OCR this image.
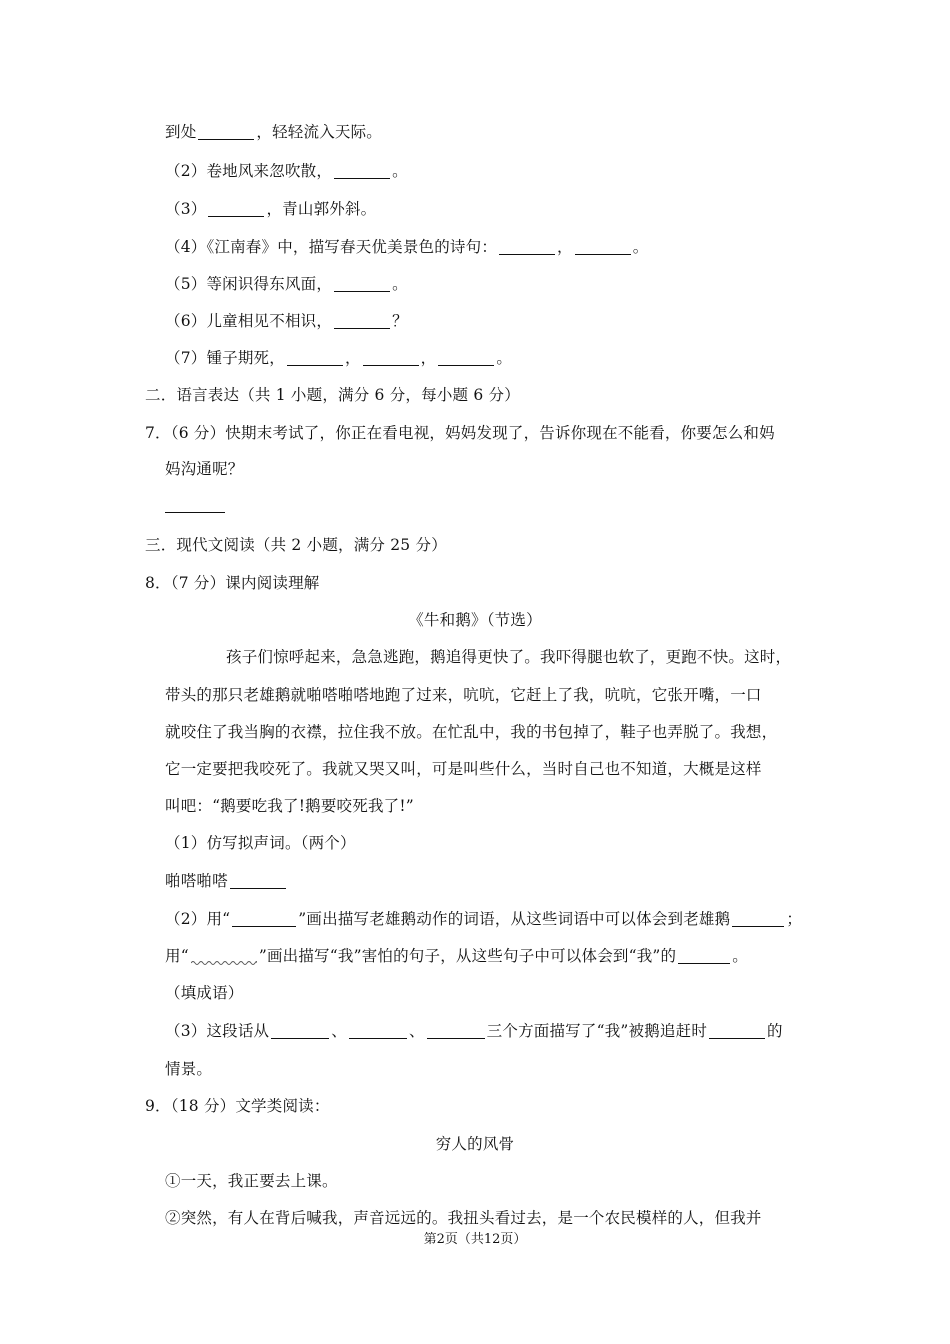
到处	，轻轻流入天际。
（2）卷地风来忽吹散，	。
（3）	，青山郭外斜。
（4）《江南春》中，描写春天优美景色的诗句：	，	。
（5）等闲识得东风面，	。
（6）儿童相见不相识，	？
（7）锺子期死，	，	，	。
二．语言表达（共 1 小题，满分 6 分，每小题 6 分）
7．（6 分）快期末考试了，你正在看电视，妈妈发现了，告诉你现在不能看，你要怎么和妈
妈沟通呢？
三．现代文阅读（共 2 小题，满分 25 分）
8．（7 分）课内阅读理解
《牛和鹅》（节选）
孩子们惊呼起来，急急逃跑，鹅追得更快了。我吓得腿也软了，更跑不快。这时，
带头的那只老雄鹅就啪嗒啪嗒地跑了过来，吭吭，它赶上了我，吭吭，它张开嘴，一口
就咬住了我当胸的衣襟，拉住我不放。在忙乱中，我的书包掉了，鞋子也弄脱了。我想，
它一定要把我咬死了。我就又哭又叫，可是叫些什么，当时自己也不知道，大概是这样
叫吧：“鹅要吃我了!鹅要咬死我了!”
（1）仿写拟声词。（两个）
啪嗒啪嗒
（2）用“	”画出描写老雄鹅动作的词语，从这些词语中可以体会到老雄鹅	；
用“	”画出描写“我”害怕的句子，从这些句子中可以体会到“我”的	。
（填成语）
（3）这段话从	、	、	三个方面描写了“我”被鹅追赶时	的
情景。
9．（18 分）文学类阅读：
穷人的风骨
①一天，我正要去上课。
②突然，有人在背后喊我，声音远远的。我扭头看过去，是一个农民模样的人，但我并
第2页（共12页）
